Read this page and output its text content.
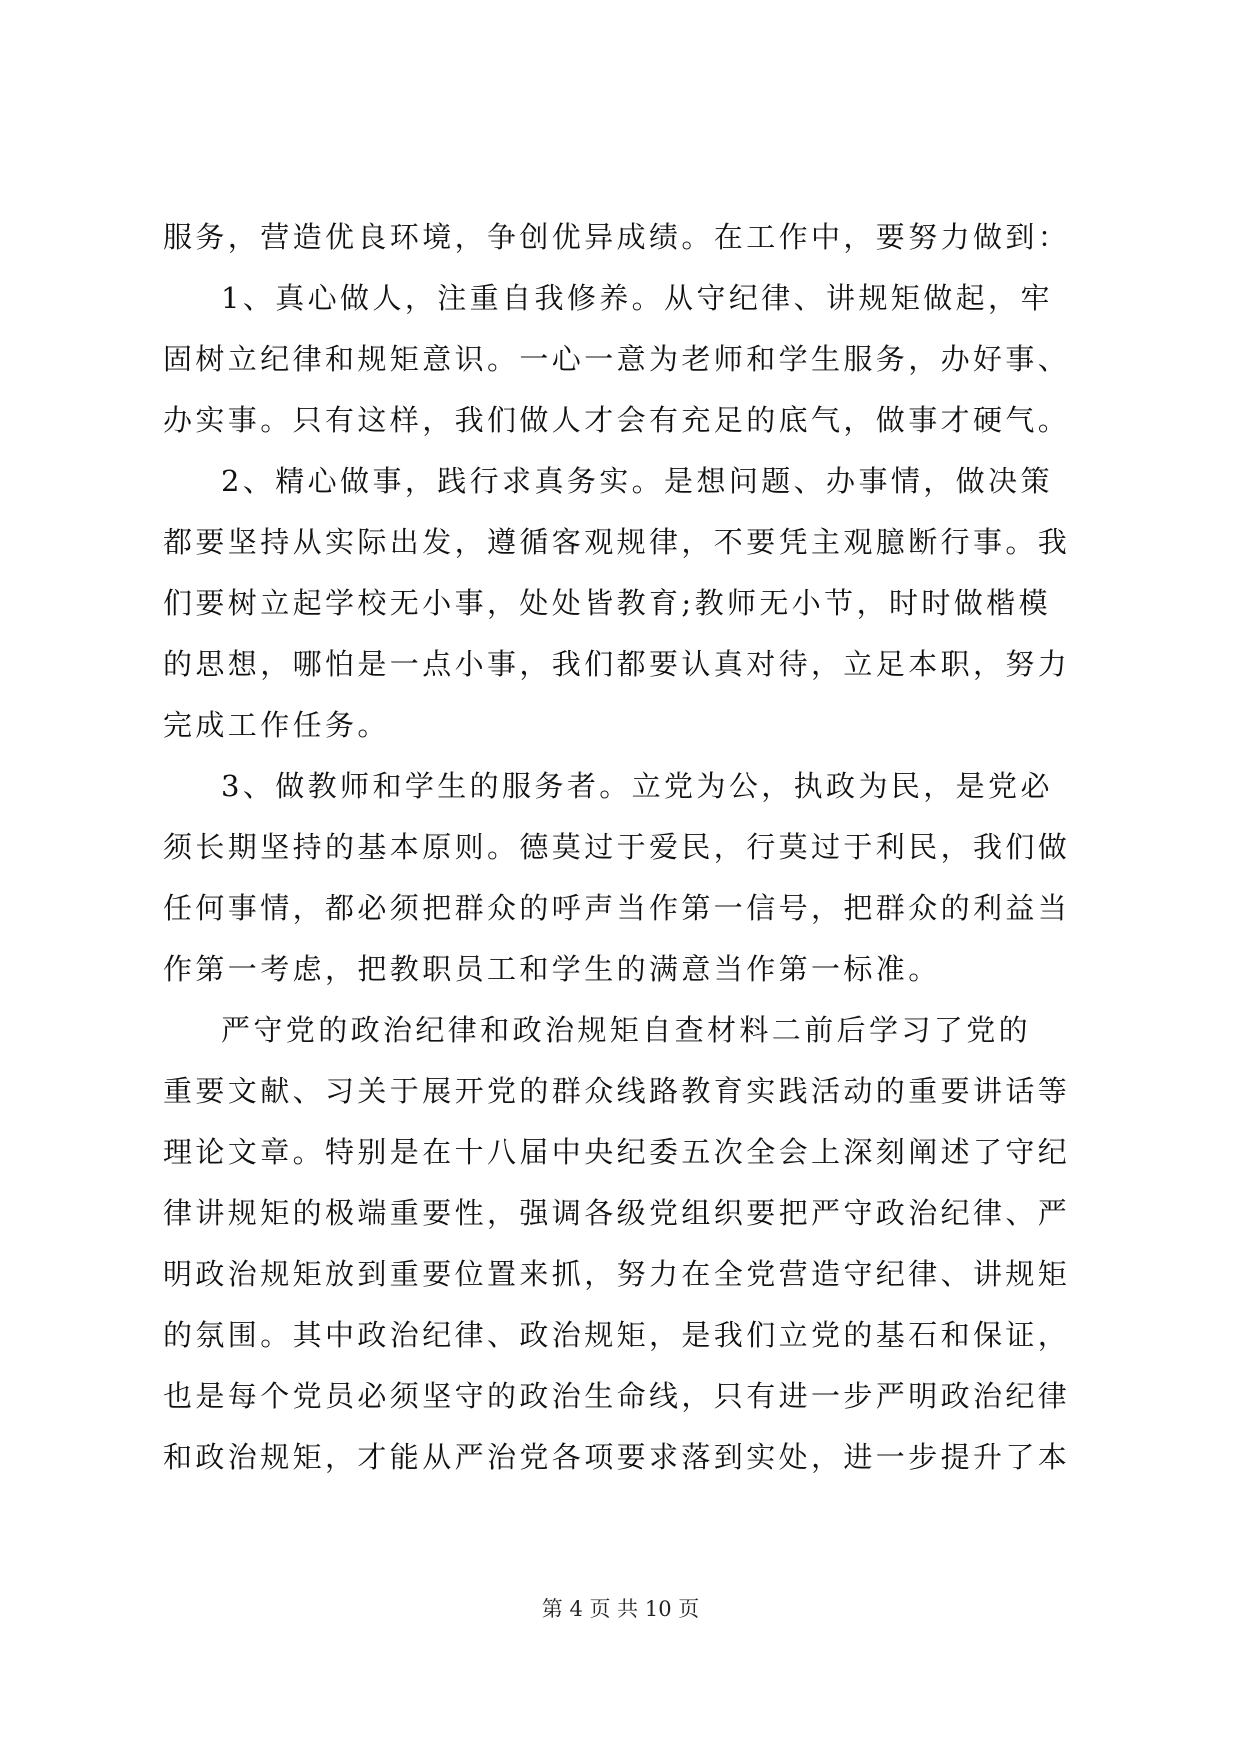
服务，营造优良环境，争创优异成绩。在工作中，要努力做到：
1、真心做人，注重自我修养。从守纪律、讲规矩做起，牢
固树立纪律和规矩意识。一心一意为老师和学生服务，办好事、
办实事。只有这样，我们做人才会有充足的底气，做事才硬气。
2、精心做事，践行求真务实。是想问题、办事情，做决策
都要坚持从实际出发，遵循客观规律，不要凭主观臆断行事。我
们要树立起学校无小事，处处皆教育;教师无小节，时时做楷模
的思想，哪怕是一点小事，我们都要认真对待，立足本职，努力
完成工作任务。
3、做教师和学生的服务者。立党为公，执政为民，是党必
须长期坚持的基本原则。德莫过于爱民，行莫过于利民，我们做
任何事情，都必须把群众的呼声当作第一信号，把群众的利益当
作第一考虑，把教职员工和学生的满意当作第一标准。
严守党的政治纪律和政治规矩自查材料二前后学习了党的
重要文献、习关于展开党的群众线路教育实践活动的重要讲话等
理论文章。特别是在十八届中央纪委五次全会上深刻阐述了守纪
律讲规矩的极端重要性，强调各级党组织要把严守政治纪律、严
明政治规矩放到重要位置来抓，努力在全党营造守纪律、讲规矩
的氛围。其中政治纪律、政治规矩，是我们立党的基石和保证，
也是每个党员必须坚守的政治生命线，只有进一步严明政治纪律
和政治规矩，才能从严治党各项要求落到实处，进一步提升了本
第 4 页 共 10 页
